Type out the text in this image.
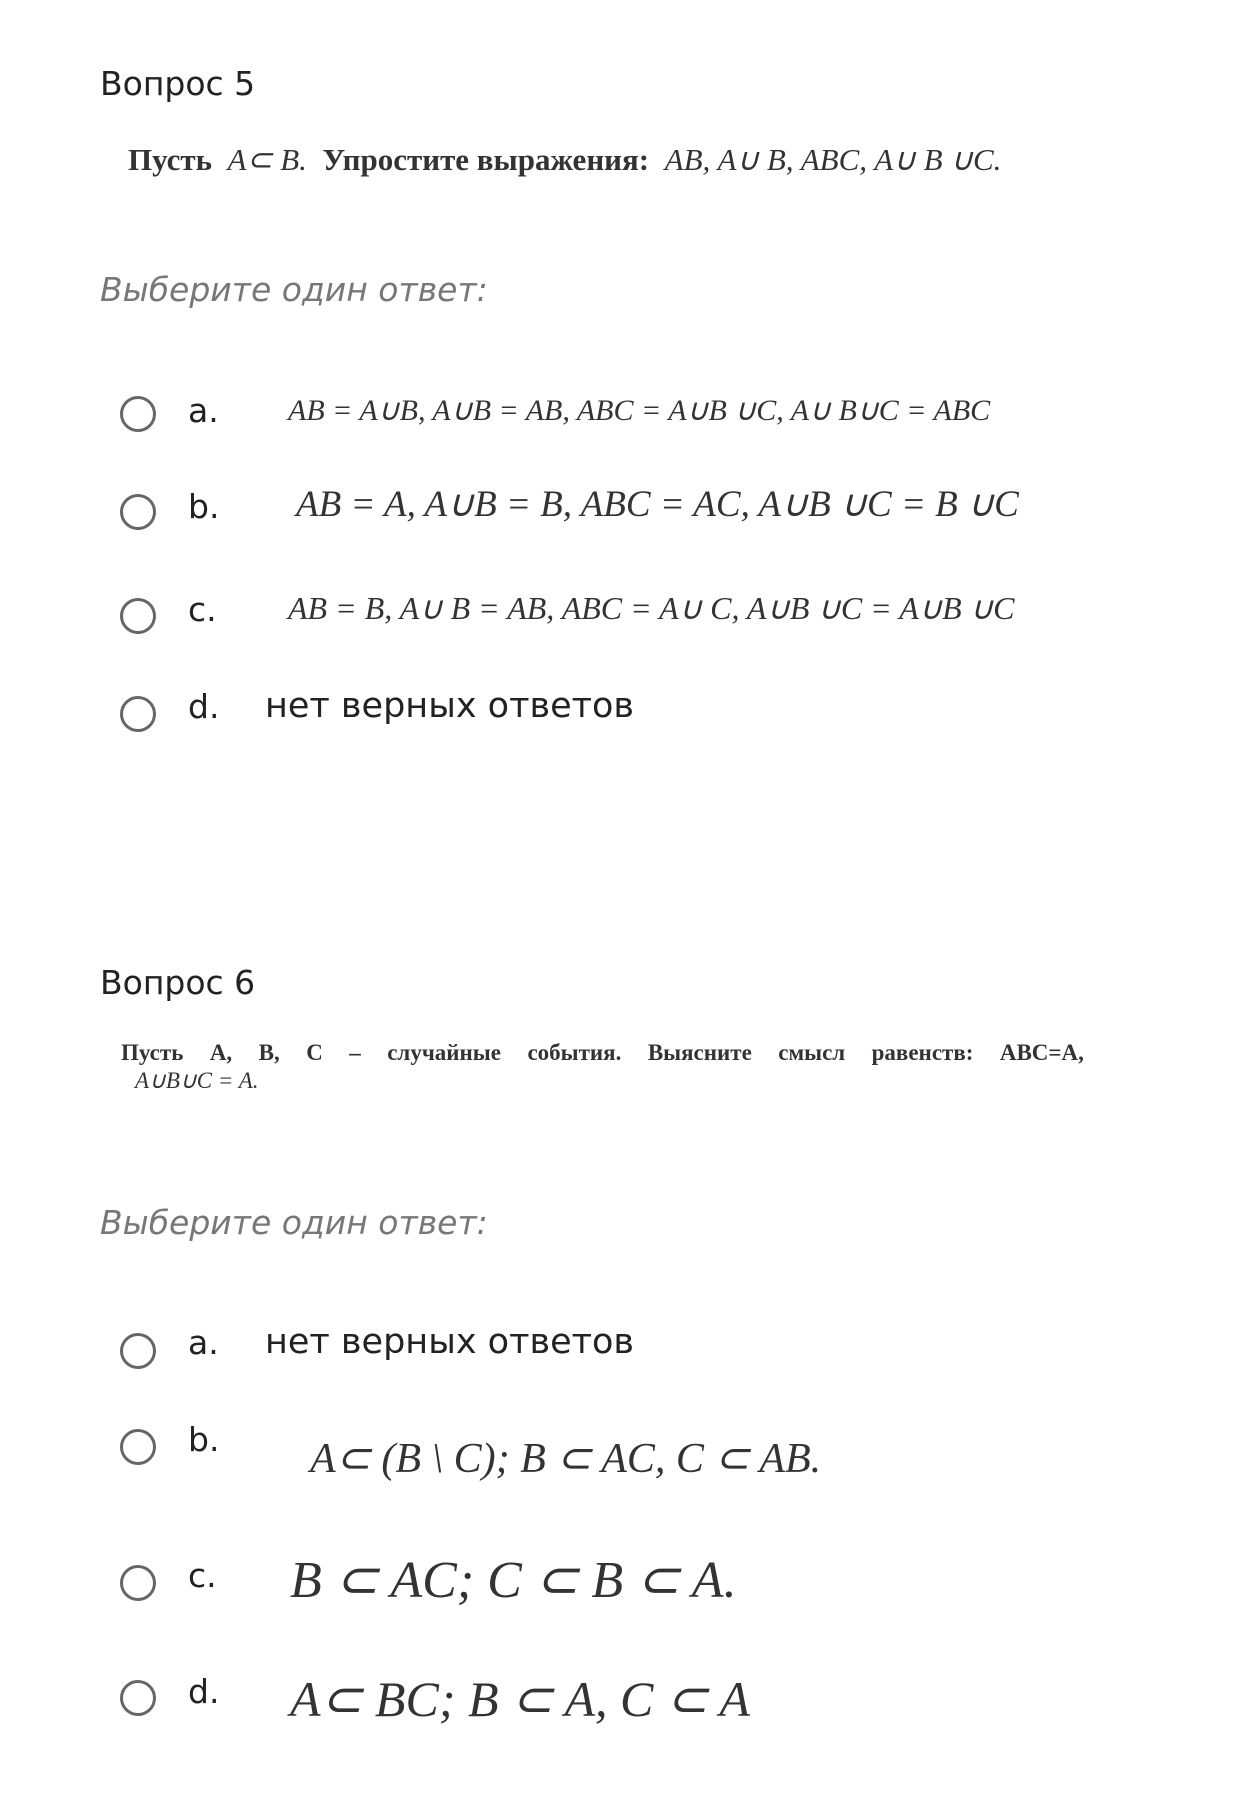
Вопрос 5
Пусть A⊂ B. Упростите выражения: AB, A∪ B, ABC, A∪ B ∪C.
Выберите один ответ:
a. AB = A∪B, A∪B = AB, ABC = A∪B ∪C, A∪ B∪C = ABC
b. AB = A, A∪B = B, ABC = AC, A∪B ∪C = B ∪C
c. AB = B, A∪ B = AB, ABC = A∪ C, A∪B ∪C = A∪B ∪C
d. нет верных ответов
Вопрос 6
Пусть A, B, C – случайные события. Выясните смысл равенств: ABC=A,
A∪B∪C = A.
Выберите один ответ:
a. нет верных ответов
b. A⊂ (B \ C); B ⊂ AC, C ⊂ AB.
c. B ⊂ AC; C ⊂ B ⊂ A.
d. A⊂ BC; B ⊂ A, C ⊂ A
